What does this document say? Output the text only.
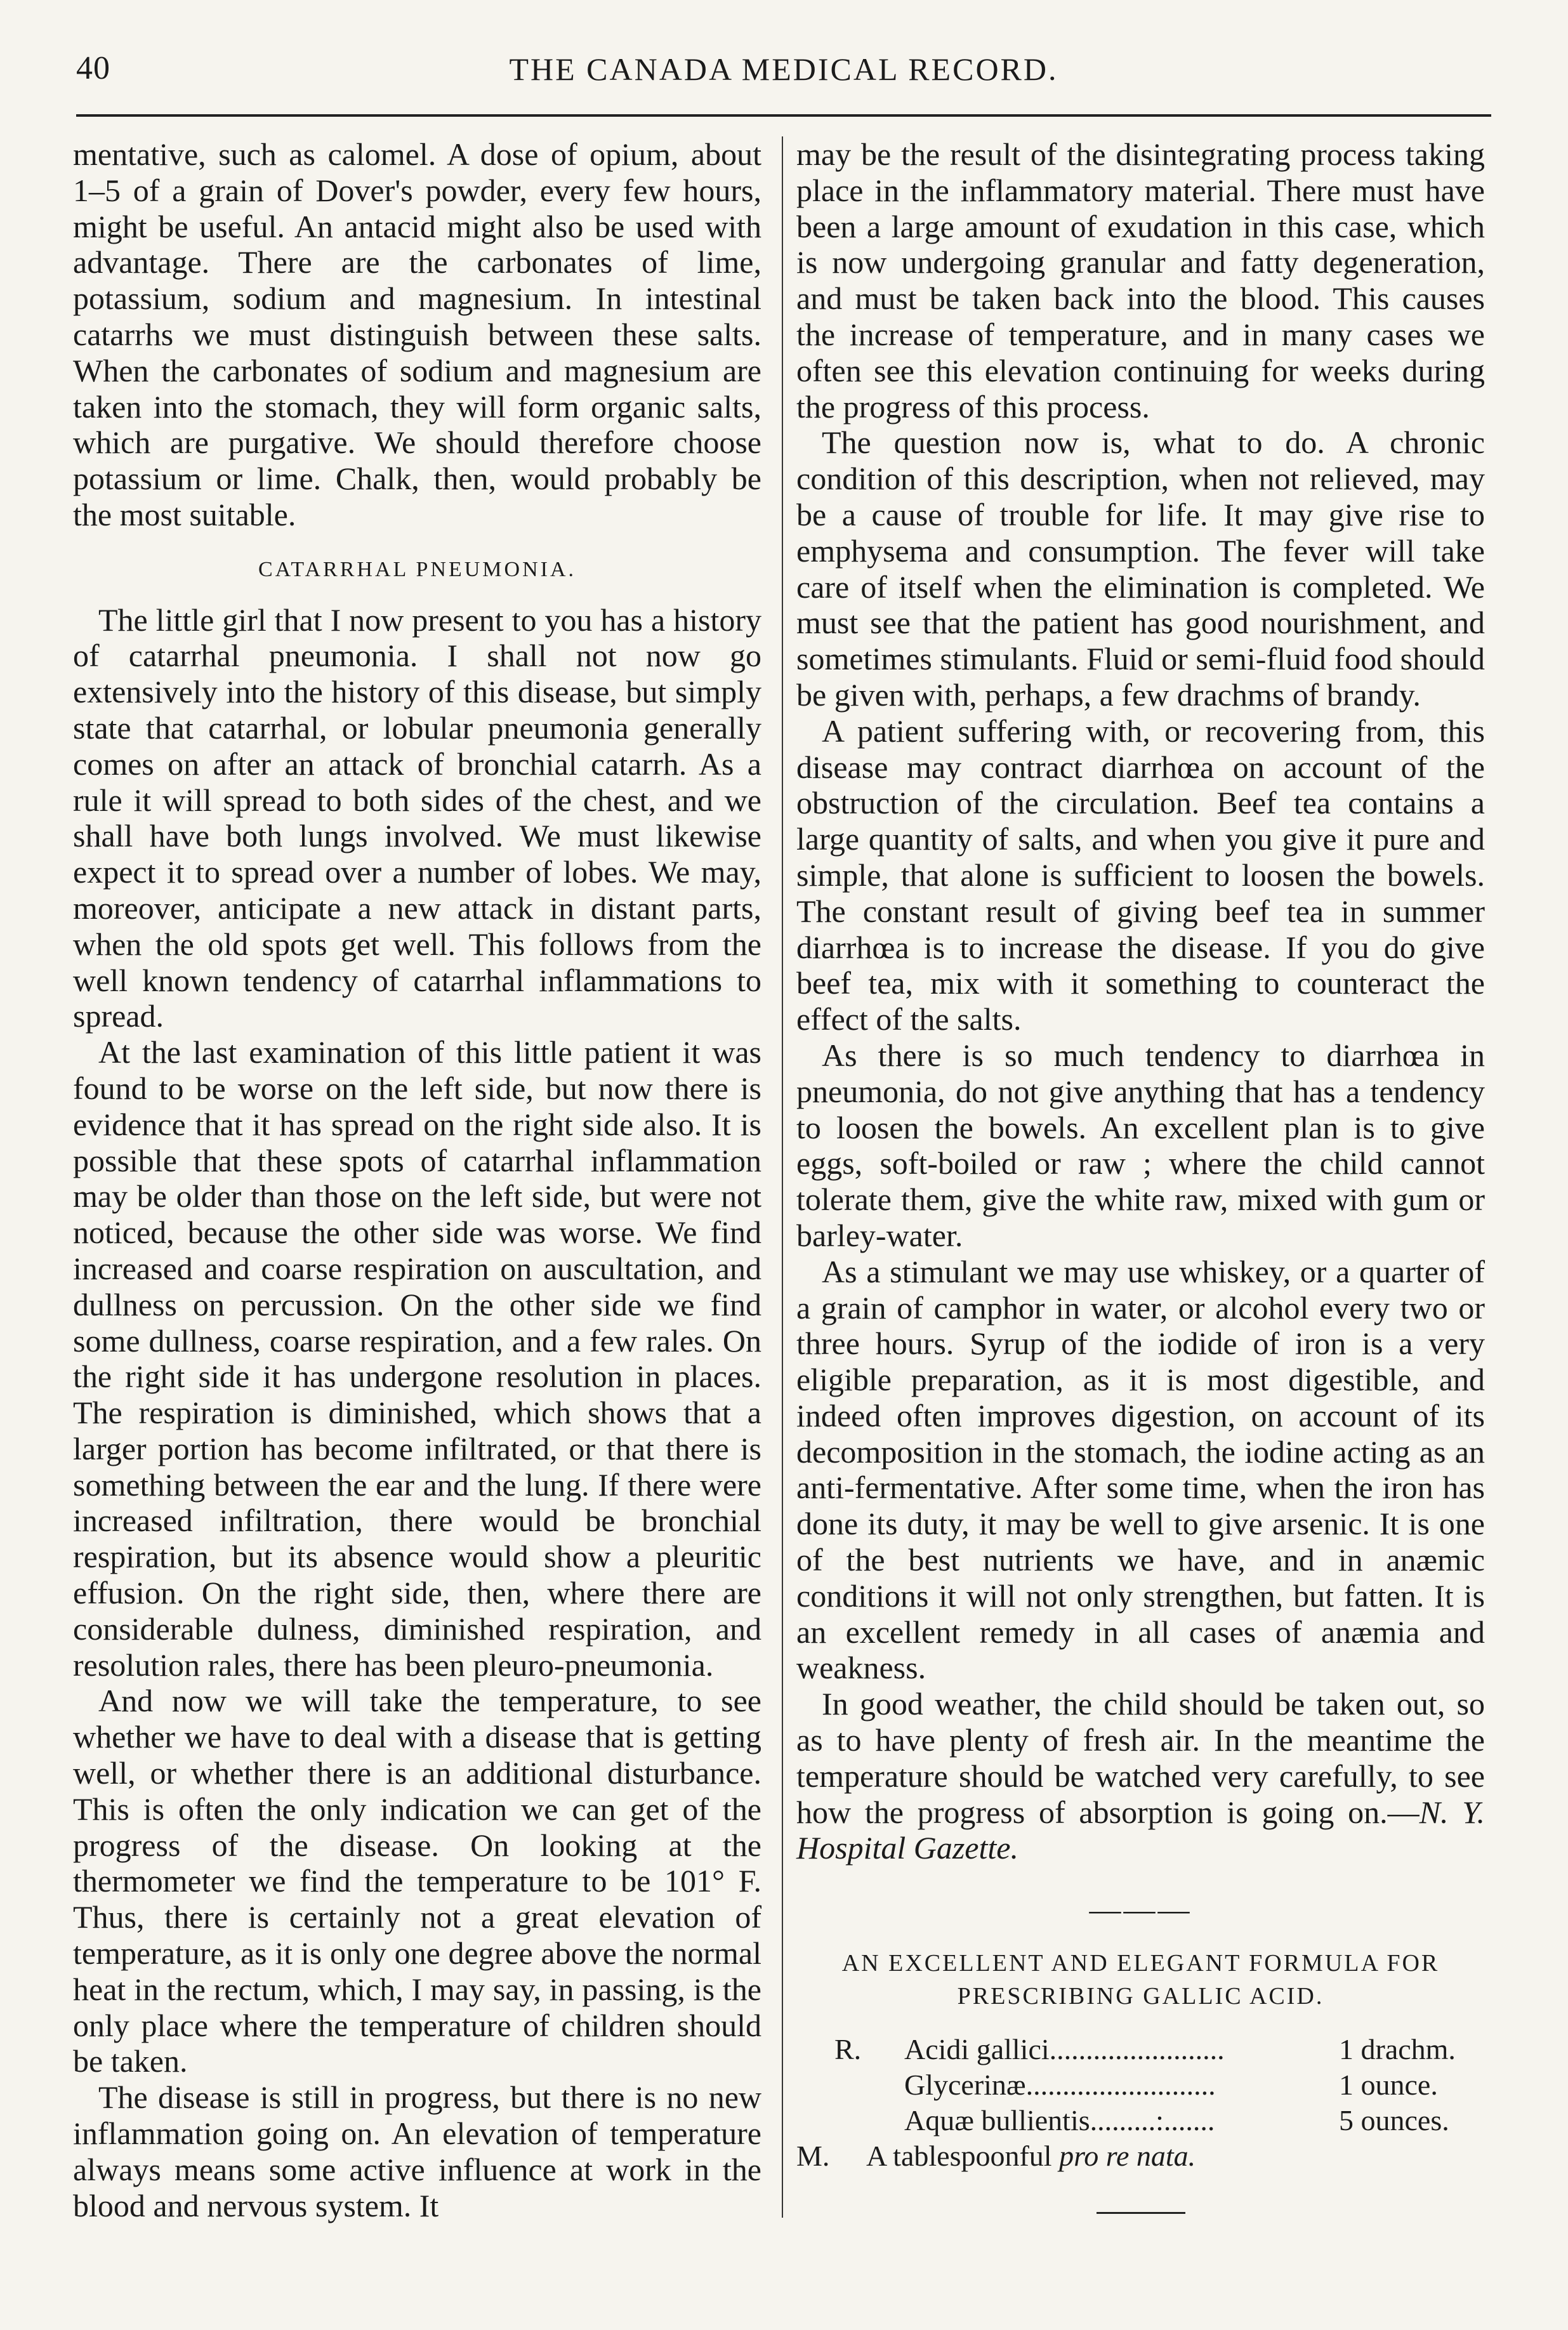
40	THE CANADA MEDICAL RECORD.

mentative, such as calomel. A dose of opium, about 1–5 of a grain of Dover's powder, every few hours, might be useful. An antacid might also be used with advantage. There are the carbonates of lime, potassium, sodium and magnesium. In intestinal catarrhs we must distinguish between these salts. When the carbonates of sodium and magnesium are taken into the stomach, they will form organic salts, which are purgative. We should therefore choose potassium or lime. Chalk, then, would probably be the most suitable.

CATARRHAL PNEUMONIA.

The little girl that I now present to you has a history of catarrhal pneumonia. I shall not now go extensively into the history of this disease, but simply state that catarrhal, or lobular pneumonia generally comes on after an attack of bronchial catarrh. As a rule it will spread to both sides of the chest, and we shall have both lungs involved. We must likewise expect it to spread over a number of lobes. We may, moreover, anticipate a new attack in distant parts, when the old spots get well. This follows from the well known tendency of catarrhal inflammations to spread.

At the last examination of this little patient it was found to be worse on the left side, but now there is evidence that it has spread on the right side also. It is possible that these spots of catarrhal inflammation may be older than those on the left side, but were not noticed, because the other side was worse. We find increased and coarse respiration on auscultation, and dullness on percussion. On the other side we find some dullness, coarse respiration, and a few rales. On the right side it has undergone resolution in places. The respiration is diminished, which shows that a larger portion has become infiltrated, or that there is something between the ear and the lung. If there were increased infiltration, there would be bronchial respiration, but its absence would show a pleuritic effusion. On the right side, then, where there are considerable dulness, diminished respiration, and resolution rales, there has been pleuro-pneumonia.

And now we will take the temperature, to see whether we have to deal with a disease that is getting well, or whether there is an additional disturbance. This is often the only indication we can get of the progress of the disease. On looking at the thermometer we find the temperature to be 101° F. Thus, there is certainly not a great elevation of temperature, as it is only one degree above the normal heat in the rectum, which, I may say, in passing, is the only place where the temperature of children should be taken.

The disease is still in progress, but there is no new inflammation going on. An elevation of temperature always means some active influence at work in the blood and nervous system. It

may be the result of the disintegrating process taking place in the inflammatory material. There must have been a large amount of exudation in this case, which is now undergoing granular and fatty degeneration, and must be taken back into the blood. This causes the increase of temperature, and in many cases we often see this elevation continuing for weeks during the progress of this process.

The question now is, what to do. A chronic condition of this description, when not relieved, may be a cause of trouble for life. It may give rise to emphysema and consumption. The fever will take care of itself when the elimination is completed. We must see that the patient has good nourishment, and sometimes stimulants. Fluid or semi-fluid food should be given with, perhaps, a few drachms of brandy.

A patient suffering with, or recovering from, this disease may contract diarrhœa on account of the obstruction of the circulation. Beef tea contains a large quantity of salts, and when you give it pure and simple, that alone is sufficient to loosen the bowels. The constant result of giving beef tea in summer diarrhœa is to increase the disease. If you do give beef tea, mix with it something to counteract the effect of the salts.

As there is so much tendency to diarrhœa in pneumonia, do not give anything that has a tendency to loosen the bowels. An excellent plan is to give eggs, soft-boiled or raw ; where the child cannot tolerate them, give the white raw, mixed with gum or barley-water.

As a stimulant we may use whiskey, or a quarter of a grain of camphor in water, or alcohol every two or three hours. Syrup of the iodide of iron is a very eligible preparation, as it is most digestible, and indeed often improves digestion, on account of its decomposition in the stomach, the iodine acting as an anti-fermentative. After some time, when the iron has done its duty, it may be well to give arsenic. It is one of the best nutrients we have, and in anæmic conditions it will not only strengthen, but fatten. It is an excellent remedy in all cases of anæmia and weakness.

In good weather, the child should be taken out, so as to have plenty of fresh air. In the meantime the temperature should be watched very carefully, to see how the progress of absorption is going on.—N. Y. Hospital Gazette.

———
AN EXCELLENT AND ELEGANT FORMULA FOR
PRESCRIBING GALLIC ACID.
R.	Acidi gallici........................	1 drachm.
Glycerinæ..........................	1 ounce.
Aquæ bullientis.........:.......	5 ounces.
M.	A tablespoonful pro re nata.
